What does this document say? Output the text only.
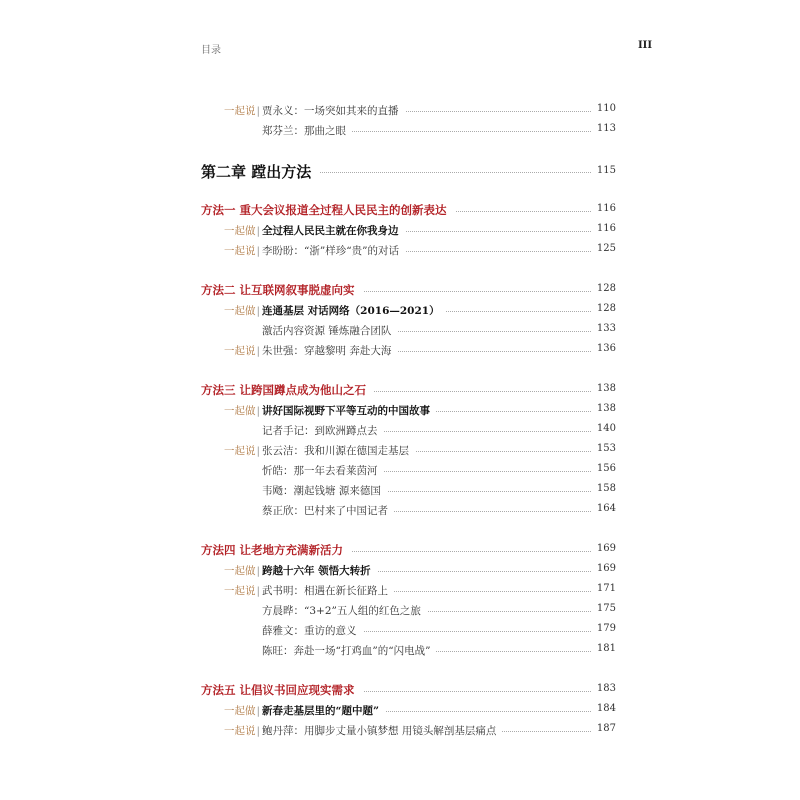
目录	III
一起说| 贾永义：一场突如其来的直播	110
郑芬兰：那曲之眼	113
第二章 蹚出方法	115
方法一 重大会议报道全过程人民民主的创新表达	116
一起做| 全过程人民民主就在你我身边	116
一起说| 李盼盼：“浙”样珍“贵”的对话	125
方法二 让互联网叙事脱虚向实	128
一起做| 连通基层 对话网络（2016—2021）	128
激活内容资源 锤炼融合团队	133
一起说| 朱世强：穿越黎明 奔赴大海	136
方法三 让跨国蹲点成为他山之石	138
一起做| 讲好国际视野下平等互动的中国故事	138
记者手记：到欧洲蹲点去	140
一起说| 张云洁：我和川源在德国走基层	153
忻皓：那一年去看莱茵河	156
韦飏：潮起钱塘 源来德国	158
蔡正欣：巴村来了中国记者	164
方法四 让老地方充满新活力	169
一起做| 跨越十六年 领悟大转折	169
一起说| 武书明：相遇在新长征路上	171
方晨晔：“3+2”五人组的红色之旅	175
薛雅文：重访的意义	179
陈旺：奔赴一场“打鸡血”的“闪电战”	181
方法五 让倡议书回应现实需求	183
一起做| 新春走基层里的“题中题”	184
一起说| 鲍丹萍：用脚步丈量小镇梦想 用镜头解剖基层痛点	187
